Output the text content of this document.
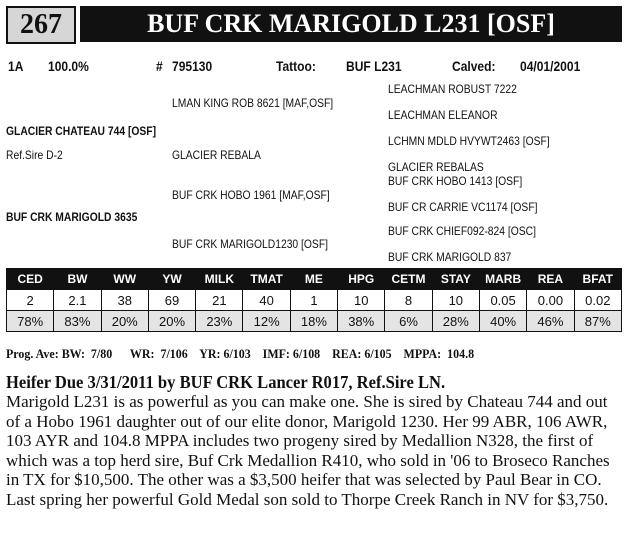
267	BUF CRK MARIGOLD L231 [OSF]
1A 100.0%	# 795130	Tattoo: BUF L231	Calved: 04/01/2001
GLACIER CHATEAU 744 [OSF]
Ref.Sire D-2
BUF CRK MARIGOLD 3635
LMAN KING ROB 8621 [MAF,OSF]
GLACIER REBALA
BUF CRK HOBO 1961 [MAF,OSF]
BUF CRK MARIGOLD1230 [OSF]
LEACHMAN ROBUST 7222
LEACHMAN ELEANOR
LCHMN MDLD HVYWT2463 [OSF]
GLACIER REBALAS
BUF CRK HOBO 1413 [OSF]
BUF CR CARRIE VC1174 [OSF]
BUF CRK CHIEF092-824 [OSC]
BUF CRK MARIGOLD 837
CED	BW	WW	YW	MILK	TMAT	ME	HPG	CETM	STAY	MARB	REA	BFAT
2	2.1	38	69	21	40	1	10	8	10	0.05	0.00	0.02
78%	83%	20%	20%	23%	12%	18%	38%	6%	28%	40%	46%	87%
Prog. Ave: BW:  7/80      WR:  7/106    YR: 6/103    IMF: 6/108    REA: 6/105    MPPA:  104.8
Heifer Due 3/31/2011 by BUF CRK Lancer R017, Ref.Sire LN.
Marigold L231 is as powerful as you can make one. She is sired by Chateau 744 and out of a Hobo 1961 daughter out of our elite donor, Marigold 1230. Her 99 ABR, 106 AWR, 103 AYR and 104.8 MPPA includes two progeny sired by Medallion N328, the first of which was a top herd sire, Buf Crk Medallion R410, who sold in '06 to Broseco Ranches in TX for $10,500. The other was a $3,500 heifer that was selected by Paul Bear in CO. Last spring her powerful Gold Medal son sold to Thorpe Creek Ranch in NV for $3,750.
